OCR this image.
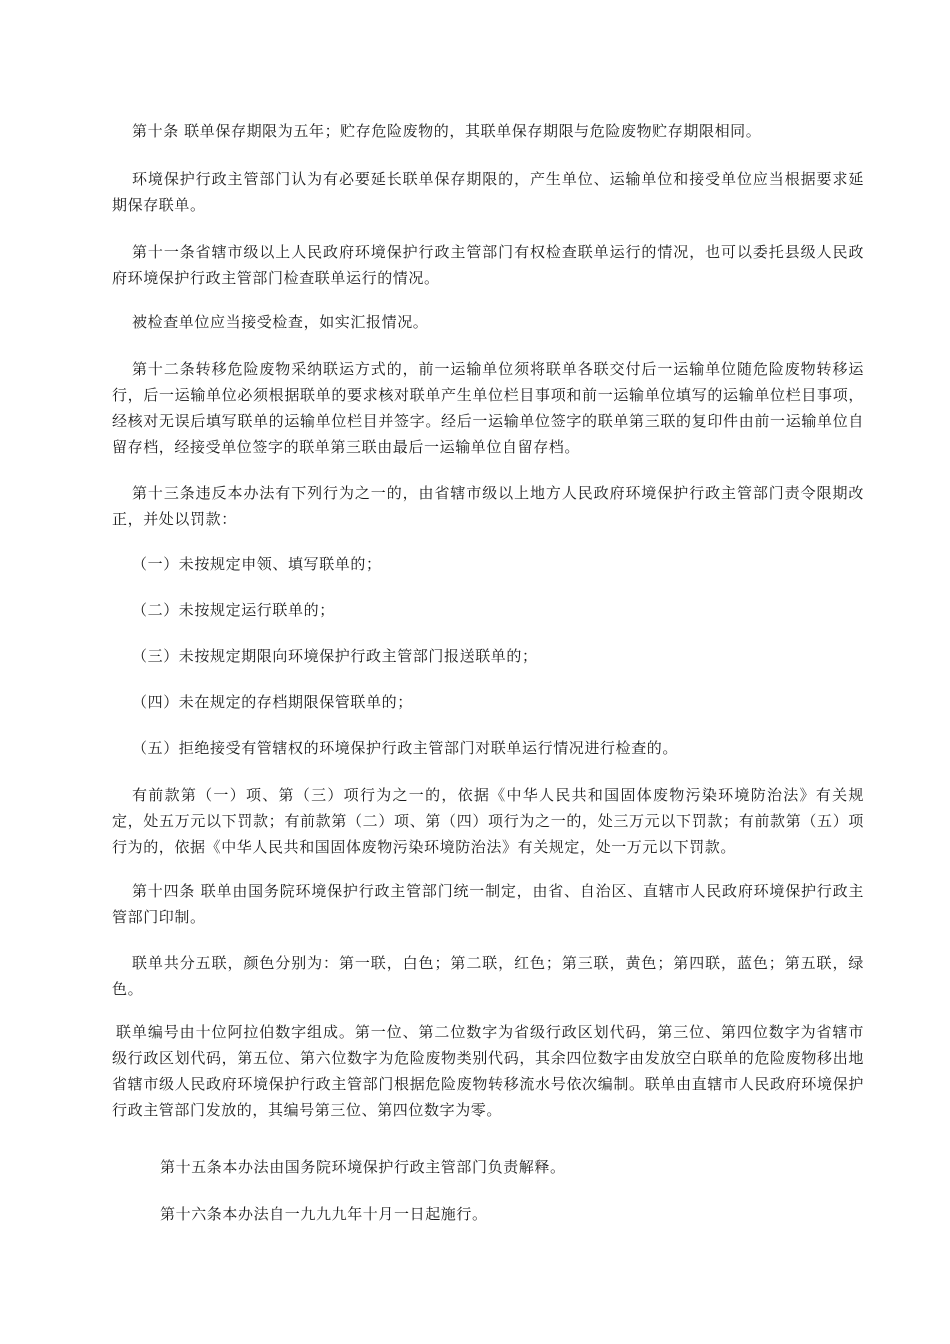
第十条 联单保存期限为五年；贮存危险废物的，其联单保存期限与危险废物贮存期限相同。

环境保护行政主管部门认为有必要延长联单保存期限的，产生单位、运输单位和接受单位应当根据要求延期保存联单。

第十一条省辖市级以上人民政府环境保护行政主管部门有权检查联单运行的情况，也可以委托县级人民政府环境保护行政主管部门检查联单运行的情况。

被检查单位应当接受检查，如实汇报情况。

第十二条转移危险废物采纳联运方式的，前一运输单位须将联单各联交付后一运输单位随危险废物转移运行，后一运输单位必须根据联单的要求核对联单产生单位栏目事项和前一运输单位填写的运输单位栏目事项，经核对无误后填写联单的运输单位栏目并签字。经后一运输单位签字的联单第三联的复印件由前一运输单位自留存档，经接受单位签字的联单第三联由最后一运输单位自留存档。

第十三条违反本办法有下列行为之一的，由省辖市级以上地方人民政府环境保护行政主管部门责令限期改正，并处以罚款：

（一）未按规定申领、填写联单的；

（二）未按规定运行联单的；

（三）未按规定期限向环境保护行政主管部门报送联单的；

（四）未在规定的存档期限保管联单的；

（五）拒绝接受有管辖权的环境保护行政主管部门对联单运行情况进行检查的。

有前款第（一）项、第（三）项行为之一的，依据《中华人民共和国固体废物污染环境防治法》有关规定，处五万元以下罚款；有前款第（二）项、第（四）项行为之一的，处三万元以下罚款；有前款第（五）项行为的，依据《中华人民共和国固体废物污染环境防治法》有关规定，处一万元以下罚款。

第十四条 联单由国务院环境保护行政主管部门统一制定，由省、自治区、直辖市人民政府环境保护行政主管部门印制。

联单共分五联，颜色分别为：第一联，白色；第二联，红色；第三联，黄色；第四联，蓝色；第五联，绿色。

联单编号由十位阿拉伯数字组成。第一位、第二位数字为省级行政区划代码，第三位、第四位数字为省辖市级行政区划代码，第五位、第六位数字为危险废物类别代码，其余四位数字由发放空白联单的危险废物移出地省辖市级人民政府环境保护行政主管部门根据危险废物转移流水号依次编制。联单由直辖市人民政府环境保护行政主管部门发放的，其编号第三位、第四位数字为零。

第十五条本办法由国务院环境保护行政主管部门负责解释。

第十六条本办法自一九九九年十月一日起施行。
